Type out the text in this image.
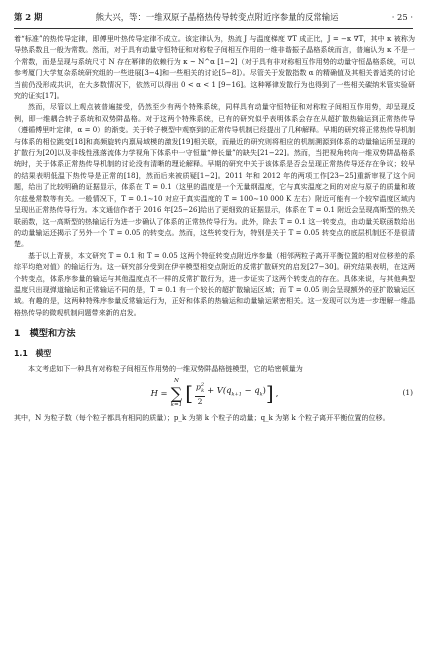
第 2 期	熊大兴，等：一维双原子晶格热传导转变点附近序参量的反常输运	· 25 ·

着“标准”的热传导定律，即傅里叶热传导定律不成立。该定律认为，热流 J 与温度梯度 ∇T 成正比，J = −κ ∇T，其中 κ 被称为导热系数且一般为常数。然而，对于具有动量守恒特征和对称粒子间相互作用的一维非谐振子晶格系统而言，普遍认为 κ 不是一个常数，而是呈现与系统尺寸 N 存在幂律的依赖行为 κ ~ N^α [1−2]（对于具有非对称相互作用势的动量守恒晶格系统，可以参考厦门大学复杂系统研究组的一些进展[3−4]和一些相关的讨论[5−8]）。尽管关于发散指数 α 的精确值及其相关普适类的讨论当前仍没形成共识，在大多数情况下，依然可以得出 0 < α < 1 [9−16]。这种幂律发散行为也得到了一些相关碳纳米管实验研究的证实[17]。

然而，尽管以上观点被普遍接受，仍然至少有两个特殊系统，同样具有动量守恒特征和对称粒子间相互作用势，却呈现反例，即一维耦合转子系统和双势阱晶格。对于这两个特殊系统，已有的研究似乎表明体系会存在从超扩散热输运到正常热传导（遵循傅里叶定律，α = 0）的渐变。关于转子模型中观察到的正常传导机制已经提出了几种解释。早期的研究将正常热传导机制与体系的相位跳变[18]和高频旋转内禀局域模的激发[19]相关联，而最近的研究则将相应的机制溯源到体系的动量输运所呈现的扩散行为[20]以及非线性涨落流体力学视角下体系中一守恒量“伸长量”的缺失[21−22]。然而，当把视角转向一维双势阱晶格系统时，关于体系正常热传导机制的讨论没有清晰的理论解释。早期的研究中关于该体系是否会呈现正常热传导还存在争议；较早的结果表明低温下热传导是正常的[18]，然而后来被质疑[1−2]。2011 年和 2012 年的两项工作[23−25]重新审视了这个问题，给出了比较明确的证据显示，体系在 T = 0.1（这里的温度是一个无量纲温度，它与真实温度之间的对应与原子的质量和玻尔兹曼常数等有关。一般情况下，T = 0.1∼10 对应于真实温度的 T = 100∼10 000 K 左右）附近可能有一个较窄温度区域内呈现出正常热传导行为。本文通信作者于 2016 年[25−26]给出了更细致的证据显示，体系在 T = 0.1 附近会呈现高斯型的热关联函数，这一高斯型的热输运行为进一步确认了体系的正常热传导行为。此外，除去 T = 0.1 这一转变点，由动量关联函数给出的动量输运还揭示了另外一个 T = 0.05 的转变点。然而，这些转变行为，特别是关于 T = 0.05 转变点的底层机制还不是很清楚。

基于以上背景，本文研究 T = 0.1 和 T = 0.05 这两个特征转变点附近序参量（相邻两粒子离开平衡位置的相对位移差的系综平均绝对值）的输运行为。这一研究部分受到在伊辛模型相变点附近的反常扩散研究的启发[27−30]。研究结果表明，在这两个转变点，体系序参量的输运与其他温度点不一样的反常扩散行为，进一步证实了这两个转变点的存在。具体来说，与其他典型温度只出现弹道输运和正常输运不同的是，T = 0.1 有一个较长的超扩散输运区域；而 T = 0.05 则会呈现额外的亚扩散输运区域。有趣的是，这两种特殊序参量反常输运行为，正好和体系的热输运和动量输运紧密相关。这一发现可以为进一步理解一维晶格热传导的微观机制问题带来新的启发。

1　模型和方法
1.1　模型

本文考虑如下一种具有对称粒子间相互作用势的一维双势阱晶格链模型，它的哈密顿量为

H =
N
∑
k=1 [ $\frac{p^2_k}{2} + V(q_{k+1} - q_k)$ ] ,	(1)

其中，N 为粒子数（每个粒子都具有相同的质量）；p_k 为第 k 个粒子的动量；q_k 为第 k 个粒子离开平衡位置的位移。
